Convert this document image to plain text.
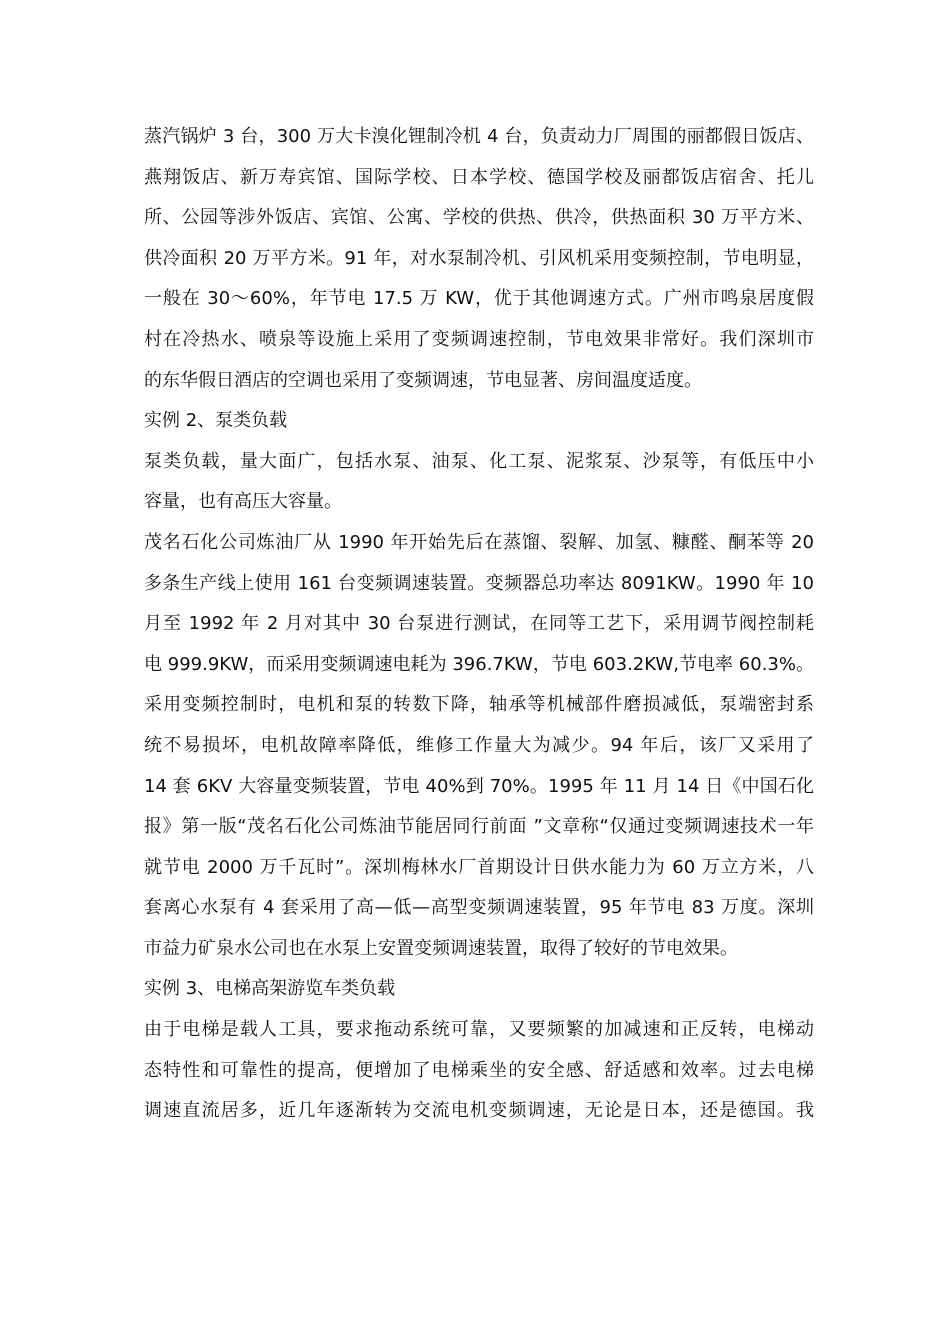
蒸汽锅炉 3 台，300 万大卡溴化锂制冷机 4 台，负责动力厂周围的丽都假日饭店、
燕翔饭店、新万寿宾馆、国际学校、日本学校、德国学校及丽都饭店宿舍、托儿
所、公园等涉外饭店、宾馆、公寓、学校的供热、供冷，供热面积 30 万平方米、
供冷面积 20 万平方米。91 年，对水泵制冷机、引风机采用变频控制，节电明显，
一般在 30～60%，年节电 17.5 万 KW，优于其他调速方式。广州市鸣泉居度假
村在冷热水、喷泉等设施上采用了变频调速控制，节电效果非常好。我们深圳市
的东华假日酒店的空调也采用了变频调速，节电显著、房间温度适度。
实例 2、泵类负载
泵类负载，量大面广，包括水泵、油泵、化工泵、泥浆泵、沙泵等，有低压中小
容量，也有高压大容量。
茂名石化公司炼油厂从 1990 年开始先后在蒸馏、裂解、加氢、糠醛、酮苯等 20
多条生产线上使用 161 台变频调速装置。变频器总功率达 8091KW。1990 年 10
月至 1992 年 2 月对其中 30 台泵进行测试，在同等工艺下，采用调节阀控制耗
电 999.9KW，而采用变频调速电耗为 396.7KW，节电 603.2KW,节电率 60.3%。
采用变频控制时，电机和泵的转数下降，轴承等机械部件磨损减低，泵端密封系
统不易损坏，电机故障率降低，维修工作量大为减少。94 年后，该厂又采用了
14 套 6KV 大容量变频装置，节电 40%到 70%。1995 年 11 月 14 日《中国石化
报》第一版“茂名石化公司炼油节能居同行前面 ”文章称“仅通过变频调速技术一年
就节电 2000 万千瓦时”。深圳梅林水厂首期设计日供水能力为 60 万立方米，八
套离心水泵有 4 套采用了高—低—高型变频调速装置，95 年节电 83 万度。深圳
市益力矿泉水公司也在水泵上安置变频调速装置，取得了较好的节电效果。
实例 3、电梯高架游览车类负载
由于电梯是载人工具，要求拖动系统可靠，又要频繁的加减速和正反转，电梯动
态特性和可靠性的提高，便增加了电梯乘坐的安全感、舒适感和效率。过去电梯
调速直流居多，近几年逐渐转为交流电机变频调速，无论是日本，还是德国。我
